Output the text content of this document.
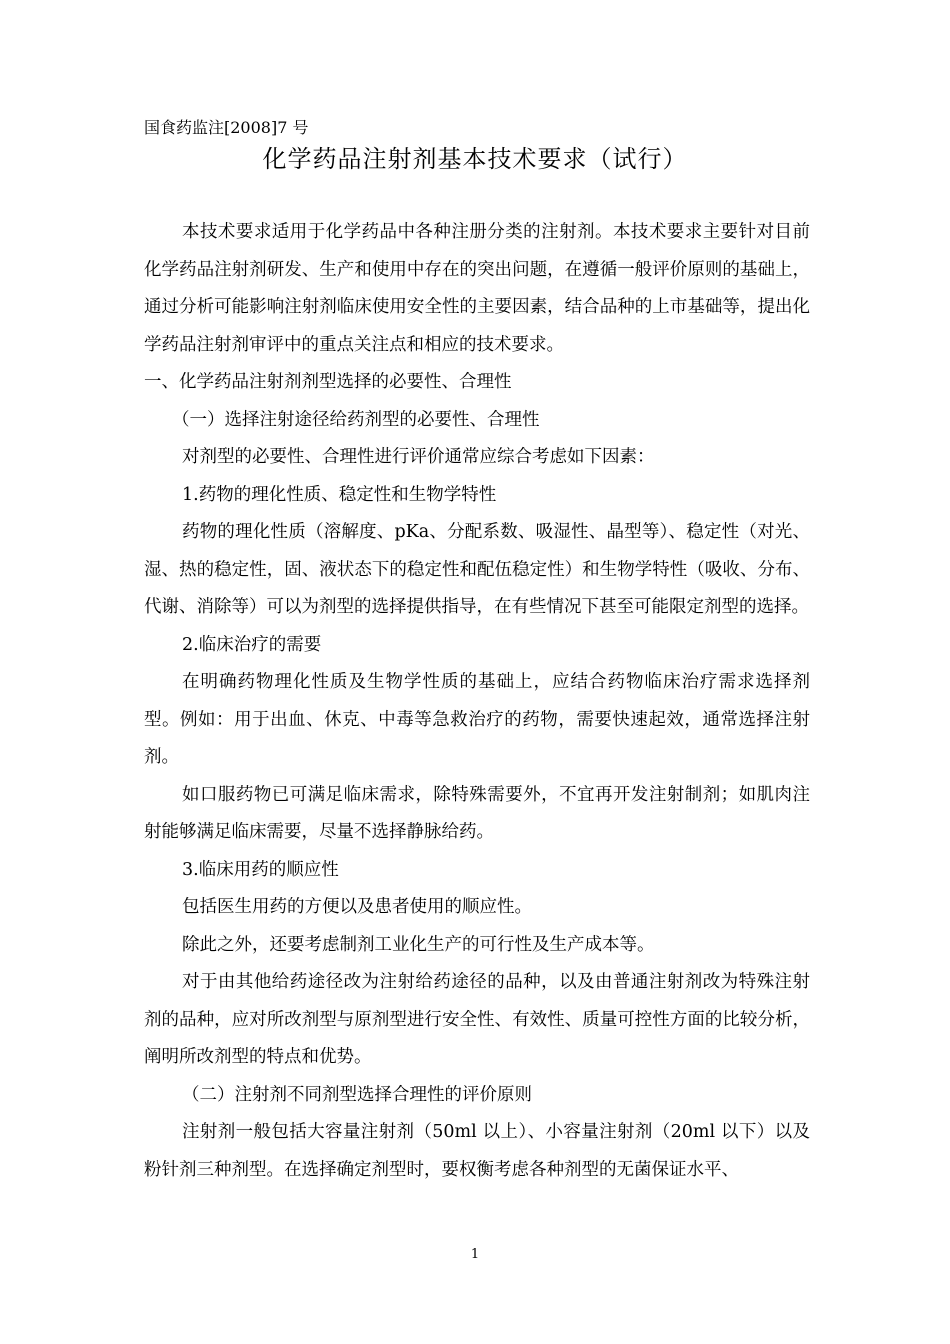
国食药监注[2008]7 号
化学药品注射剂基本技术要求（试行）

本技术要求适用于化学药品中各种注册分类的注射剂。本技术要求主要针对目前化学药品注射剂研发、生产和使用中存在的突出问题，在遵循一般评价原则的基础上，通过分析可能影响注射剂临床使用安全性的主要因素，结合品种的上市基础等，提出化学药品注射剂审评中的重点关注点和相应的技术要求。

一、化学药品注射剂剂型选择的必要性、合理性

（一）选择注射途径给药剂型的必要性、合理性

对剂型的必要性、合理性进行评价通常应综合考虑如下因素：

1.药物的理化性质、稳定性和生物学特性

药物的理化性质（溶解度、pKa、分配系数、吸湿性、晶型等）、稳定性（对光、湿、热的稳定性，固、液状态下的稳定性和配伍稳定性）和生物学特性（吸收、分布、代谢、消除等）可以为剂型的选择提供指导，在有些情况下甚至可能限定剂型的选择。

2.临床治疗的需要

在明确药物理化性质及生物学性质的基础上，应结合药物临床治疗需求选择剂型。例如：用于出血、休克、中毒等急救治疗的药物，需要快速起效，通常选择注射剂。

如口服药物已可满足临床需求，除特殊需要外，不宜再开发注射制剂；如肌肉注射能够满足临床需要，尽量不选择静脉给药。

3.临床用药的顺应性

包括医生用药的方便以及患者使用的顺应性。

除此之外，还要考虑制剂工业化生产的可行性及生产成本等。

对于由其他给药途径改为注射给药途径的品种，以及由普通注射剂改为特殊注射剂的品种，应对所改剂型与原剂型进行安全性、有效性、质量可控性方面的比较分析，阐明所改剂型的特点和优势。

（二）注射剂不同剂型选择合理性的评价原则

注射剂一般包括大容量注射剂（50ml 以上）、小容量注射剂（20ml 以下）以及粉针剂三种剂型。在选择确定剂型时，要权衡考虑各种剂型的无菌保证水平、

1
